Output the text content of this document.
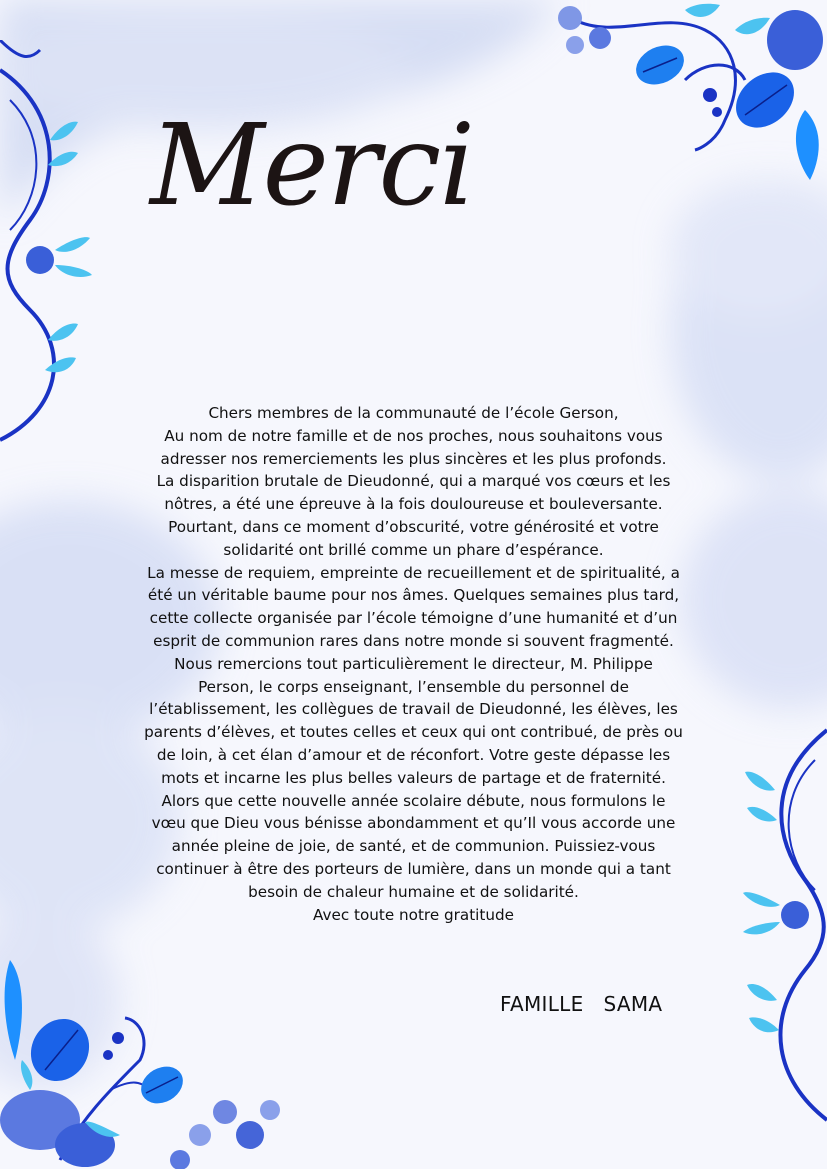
Merci
Chers membres de la communauté de l’école Gerson,
Au nom de notre famille et de nos proches, nous souhaitons vous
adresser nos remerciements les plus sincères et les plus profonds.
La disparition brutale de Dieudonné, qui a marqué vos cœurs et les
nôtres, a été une épreuve à la fois douloureuse et bouleversante.
Pourtant, dans ce moment d’obscurité, votre générosité et votre
solidarité ont brillé comme un phare d’espérance.
La messe de requiem, empreinte de recueillement et de spiritualité, a
été un véritable baume pour nos âmes. Quelques semaines plus tard,
cette collecte organisée par l’école témoigne d’une humanité et d’un
esprit de communion rares dans notre monde si souvent fragmenté.
Nous remercions tout particulièrement le directeur, M. Philippe
Person, le corps enseignant, l’ensemble du personnel de
l’établissement, les collègues de travail de Dieudonné, les élèves, les
parents d’élèves, et toutes celles et ceux qui ont contribué, de près ou
de loin, à cet élan d’amour et de réconfort. Votre geste dépasse les
mots et incarne les plus belles valeurs de partage et de fraternité.
Alors que cette nouvelle année scolaire débute, nous formulons le
vœu que Dieu vous bénisse abondamment et qu’Il vous accorde une
année pleine de joie, de santé, et de communion. Puissiez-vous
continuer à être des porteurs de lumière, dans un monde qui a tant
besoin de chaleur humaine et de solidarité.
Avec toute notre gratitude
FAMILLE   SAMA
